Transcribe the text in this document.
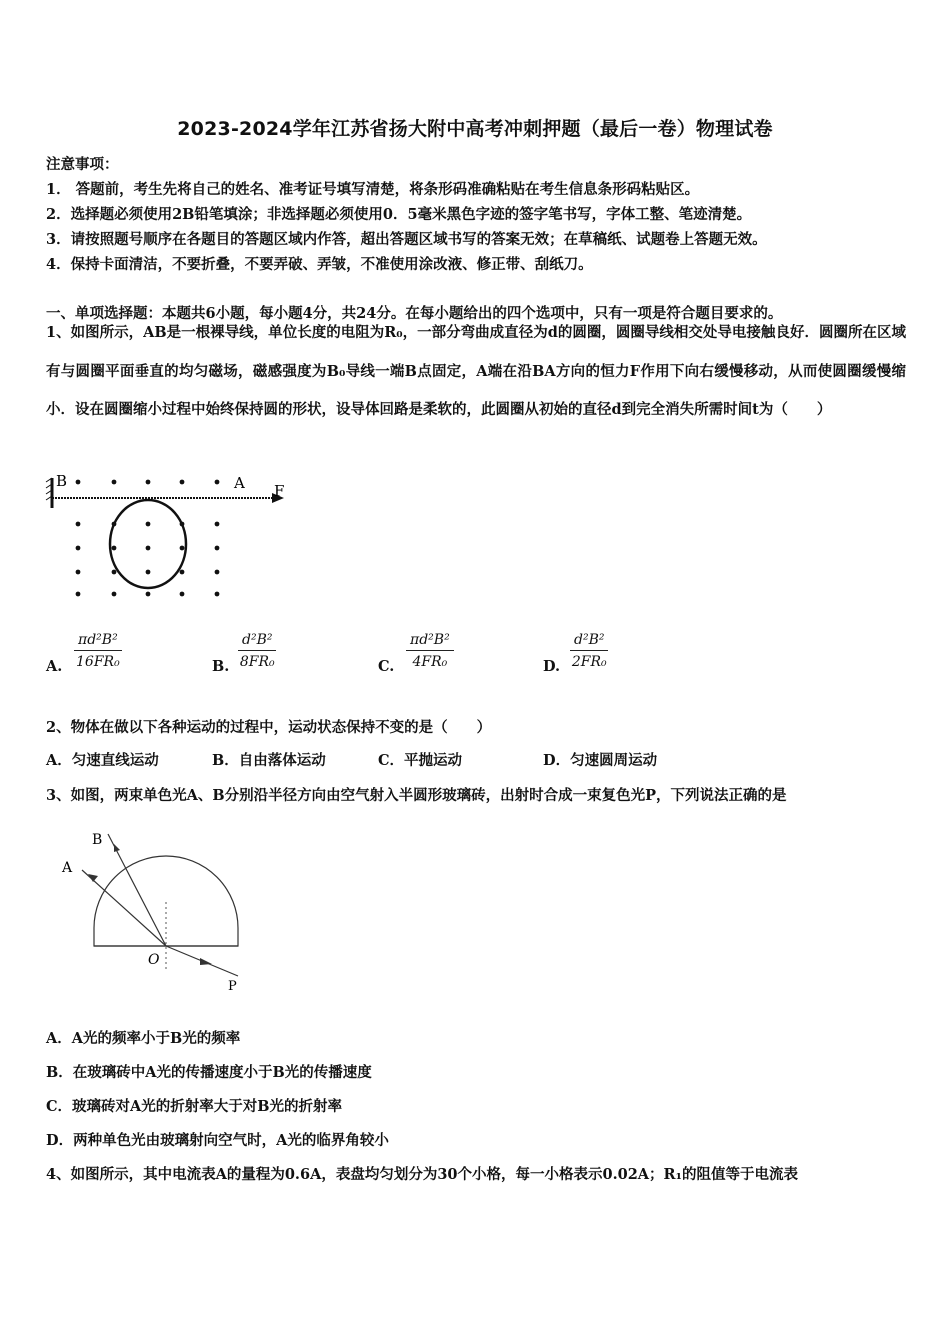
2023-2024学年江苏省扬大附中高考冲刺押题（最后一卷）物理试卷
注意事项：
1． 答题前，考生先将自己的姓名、准考证号填写清楚，将条形码准确粘贴在考生信息条形码粘贴区。
2．选择题必须使用2B铅笔填涂；非选择题必须使用0．5毫米黑色字迹的签字笔书写，字体工整、笔迹清楚。
3．请按照题号顺序在各题目的答题区域内作答，超出答题区域书写的答案无效；在草稿纸、试题卷上答题无效。
4．保持卡面清洁，不要折叠，不要弄破、弄皱，不准使用涂改液、修正带、刮纸刀。
一、单项选择题：本题共6小题，每小题4分，共24分。在每小题给出的四个选项中，只有一项是符合题目要求的。
1、如图所示，AB是一根裸导线，单位长度的电阻为R₀，一部分弯曲成直径为d的圆圈，圆圈导线相交处导电接触良好．圆圈所在区域有与圆圈平面垂直的均匀磁场，磁感强度为B₀导线一端B点固定，A端在沿BA方向的恒力F作用下向右缓慢移动，从而使圆圈缓慢缩小．设在圆圈缩小过程中始终保持圆的形状，设导体回路是柔软的，此圆圈从初始的直径d到完全消失所需时间t为（　　）
B	A F
A. $\frac{\text{πd²B²}}{\text{16FR₀}}$	B. $\frac{\text{d²B²}}{\text{8FR₀}}$	C. $\frac{\text{πd²B²}}{\text{4FR₀}}$	D. $\frac{\text{d²B²}}{\text{2FR₀}}$
2、物体在做以下各种运动的过程中，运动状态保持不变的是（　　）
A．匀速直线运动	B．自由落体运动	C．平抛运动	D．匀速圆周运动
3、如图，两束单色光A、B分别沿半径方向由空气射入半圆形玻璃砖，出射时合成一束复色光P，下列说法正确的是
B
A
O
P
A．A光的频率小于B光的频率
B．在玻璃砖中A光的传播速度小于B光的传播速度
C．玻璃砖对A光的折射率大于对B光的折射率
D．两种单色光由玻璃射向空气时，A光的临界角较小
4、如图所示，其中电流表A的量程为0.6A，表盘均匀划分为30个小格，每一小格表示0.02A；R₁的阻值等于电流表
